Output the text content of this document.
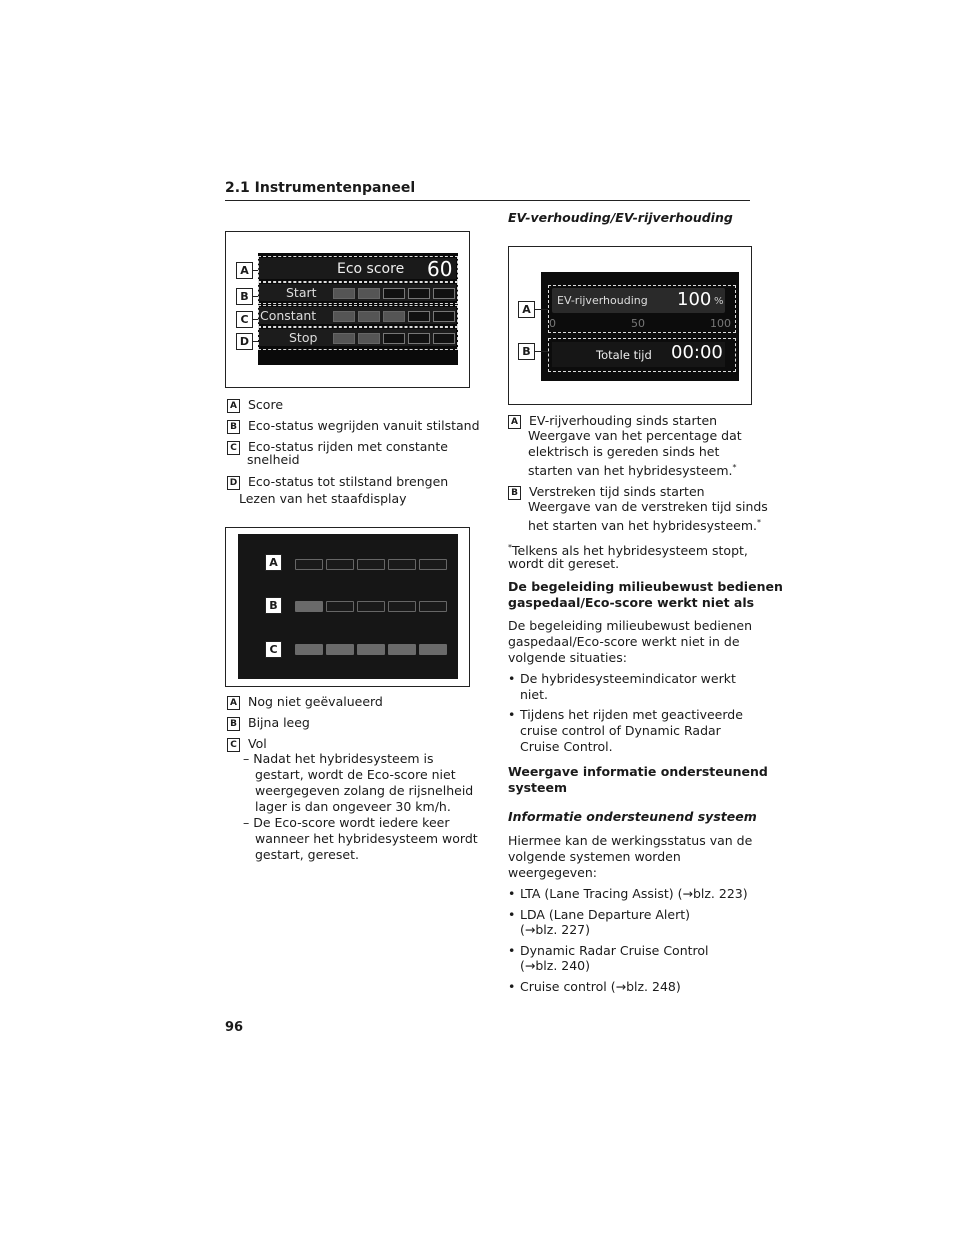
2.1 Instrumentenpaneel
Eco score 60
Start
Constant
Stop
A
B
C
D
A Score
B Eco-status wegrijden vanuit stilstand
C Eco-status rijden met constante
snelheid
D Eco-status tot stilstand brengen
Lezen van het staafdisplay
A
B
C
A Nog niet geëvalueerd
B Bijna leeg
C Vol
– Nadat het hybridesysteem is
gestart, wordt de Eco-score niet
weergegeven zolang de rijsnelheid
lager is dan ongeveer 30 km/h.
– De Eco-score wordt iedere keer
wanneer het hybridesysteem wordt
gestart, gereset.
EV-verhouding/EV-rijverhouding
EV-rijverhouding 100 %
0	50	100
Totale tijd 00:00
A
B
A EV-rijverhouding sinds starten
Weergave van het percentage dat
elektrisch is gereden sinds het
starten van het hybridesysteem.*
B Verstreken tijd sinds starten
Weergave van de verstreken tijd sinds
het starten van het hybridesysteem.*
*Telkens als het hybridesysteem stopt,
wordt dit gereset.
De begeleiding milieubewust bedienen
gaspedaal/Eco-score werkt niet als
De begeleiding milieubewust bedienen
gaspedaal/Eco-score werkt niet in de
volgende situaties:
• De hybridesysteemindicator werkt
niet.
• Tijdens het rijden met geactiveerde
cruise control of Dynamic Radar
Cruise Control.
Weergave informatie ondersteunend
systeem
Informatie ondersteunend systeem
Hiermee kan de werkingsstatus van de
volgende systemen worden
weergegeven:
• LTA (Lane Tracing Assist) (→blz. 223)
• LDA (Lane Departure Alert)
(→blz. 227)
• Dynamic Radar Cruise Control
(→blz. 240)
• Cruise control (→blz. 248)
96
